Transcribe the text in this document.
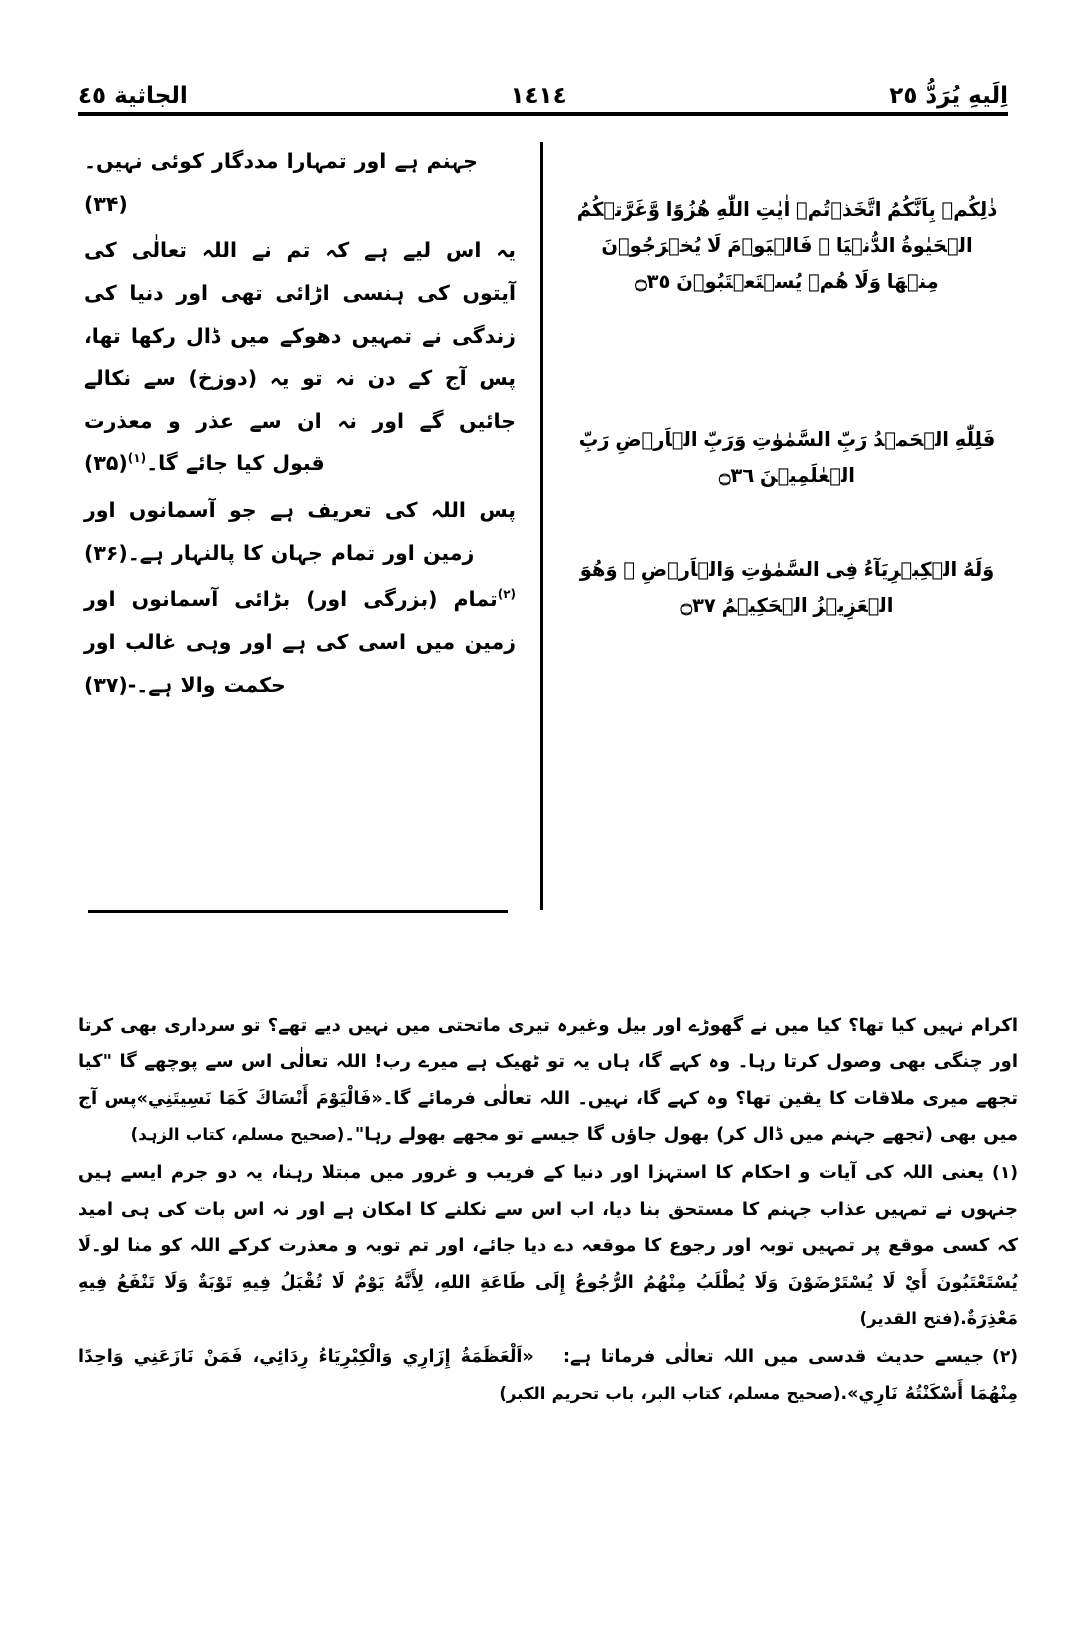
اِلَیهِ یُرَدُّ ٢٥
١٤١٤
الجاثية ٤٥
ذٰلِكُمۡ بِاَنَّكُمُ اتَّخَذۡتُمۡ اٰيٰتِ اللّٰهِ هُزُوًا وَّغَرَّتۡكُمُ الۡحَيٰوةُ الدُّنۡيَا ۚ فَالۡيَوۡمَ لَا يُخۡرَجُوۡنَ مِنۡهَا وَلَا هُمۡ يُسۡتَعۡتَبُوۡنَ ۝٣٥
فَلِلّٰهِ الۡحَمۡدُ رَبِّ السَّمٰوٰتِ وَرَبِّ الۡاَرۡضِ رَبِّ الۡعٰلَمِيۡنَ ۝٣٦
وَلَهُ الۡكِبۡرِيَآءُ فِى السَّمٰوٰتِ وَالۡاَرۡضِ ۖ وَهُوَ الۡعَزِيۡزُ الۡحَكِيۡمُ ۝٣٧

جہنم ہے اور تمہارا مددگار کوئی نہیں۔(۳۴)

یہ اس لیے ہے کہ تم نے اللہ تعالٰی کی آیتوں کی ہنسی اڑائی تھی اور دنیا کی زندگی نے تمہیں دھوکے میں ڈال رکھا تھا، پس آج کے دن نہ تو یہ (دوزخ) سے نکالے جائیں گے اور نہ ان سے عذر و معذرت قبول کیا جائے گا۔$^{(۱)}$(۳۵)

پس اللہ کی تعریف ہے جو آسمانوں اور زمین اور تمام جہان کا پالنہار ہے۔(۳۶)

$^{(۲)}$تمام (بزرگی اور) بڑائی آسمانوں اور زمین میں اسی کی ہے اور وہی غالب اور حکمت والا ہے۔-(۳۷)

اکرام نہیں کیا تھا؟ کیا میں نے گھوڑے اور بیل وغیرہ تیری ماتحتی میں نہیں دیے تھے؟ تو سرداری بھی کرتا اور چنگی بھی وصول کرتا رہا۔ وہ کہے گا، ہاں یہ تو ٹھیک ہے میرے رب! اللہ تعالٰی اس سے پوچھے گا "کیا تجھے میری ملاقات کا یقین تھا؟ وہ کہے گا، نہیں۔ اللہ تعالٰی فرمائے گا۔«فَالْيَوْمَ أَنْسَاكَ كَمَا نَسِيتَنِي»پس آج میں بھی (تجھے جہنم میں ڈال کر) بھول جاؤں گا جیسے تو مجھے بھولے رہا"۔(صحیح مسلم، کتاب الزہد)

(۱)یعنی اللہ کی آیات و احکام کا استہزا اور دنیا کے فریب و غرور میں مبتلا رہنا، یہ دو جرم ایسے ہیں جنہوں نے تمہیں عذاب جہنم کا مستحق بنا دیا، اب اس سے نکلنے کا امکان ہے اور نہ اس بات کی ہی امید کہ کسی موقع پر تمہیں توبہ اور رجوع کا موقعہ دے دیا جائے، اور تم توبہ و معذرت کرکے اللہ کو منا لو۔لَا يُسْتَعْتَبُونَ أَيْ لَا يُسْتَرْضَوْنَ وَلَا يُطْلَبُ مِنْهُمُ الرُّجُوعُ إِلَى طَاعَةِ اللهِ، لِأَنَّهُ يَوْمٌ لَا تُقْبَلُ فِيهِ تَوْبَةٌ وَلَا تَنْفَعُ فِيهِ مَعْذِرَةٌ.(فتح القدیر)

(۲)جیسے حدیث قدسی میں اللہ تعالٰی فرماتا ہے:   «اَلْعَظَمَةُ إِزَارِي وَالْكِبْرِيَاءُ رِدَائِي، فَمَنْ نَازَعَنِي وَاحِدًا مِنْهُمَا أَسْكَنْتُهُ نَارِي».(صحیح مسلم، کتاب البر، باب تحریم الکبر)
